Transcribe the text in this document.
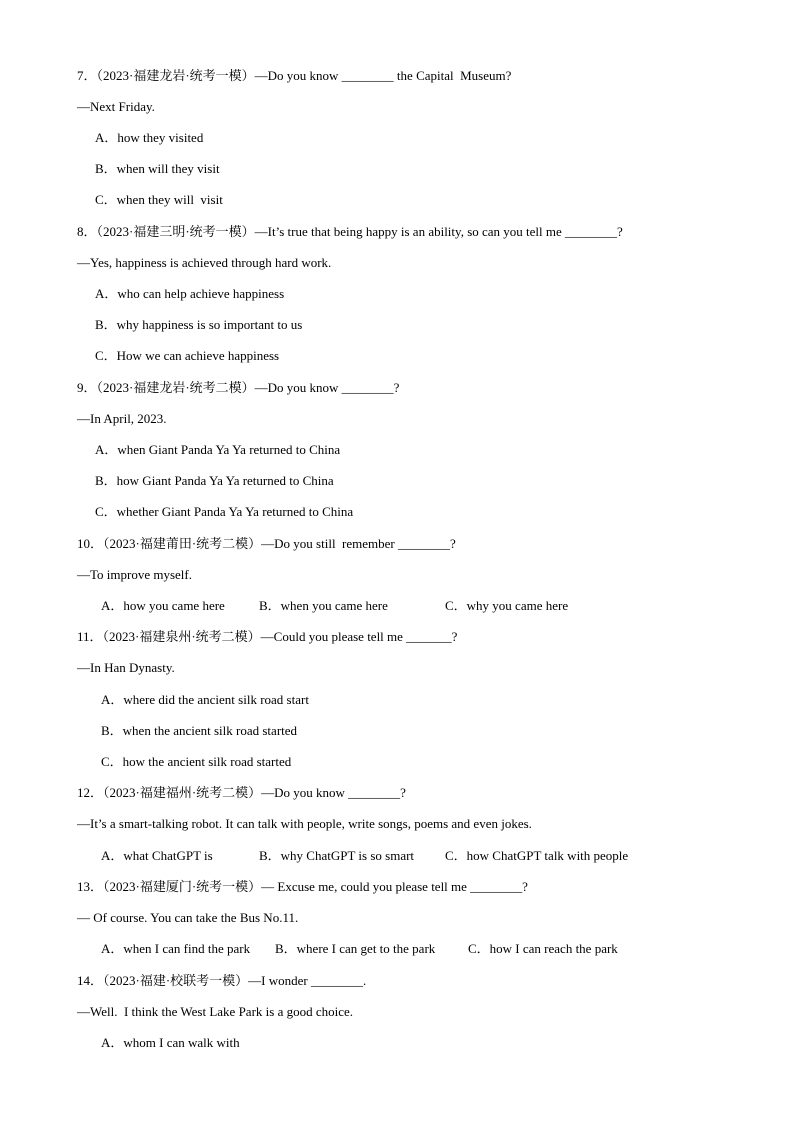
7．（2023·福建龙岩·统考一模）—Do you know ________ the Capital  Museum?
—Next Friday.
A．how they visited
B．when will they visit
C．when they will  visit
8．（2023·福建三明·统考一模）—It’s true that being happy is an ability, so can you tell me ________?
—Yes, happiness is achieved through hard work.
A．who can help achieve happiness
B．why happiness is so important to us
C．How we can achieve happiness
9．（2023·福建龙岩·统考二模）—Do you know ________?
—In April, 2023.
A．when Giant Panda Ya Ya returned to China
B．how Giant Panda Ya Ya returned to China
C．whether Giant Panda Ya Ya returned to China
10．（2023·福建莆田·统考二模）—Do you still  remember ________?
—To improve myself.
A．how you came here	B．when you came here	C．why you came here
11．（2023·福建泉州·统考二模）—Could you please tell me _______?
—In Han Dynasty.
A．where did the ancient silk road start
B．when the ancient silk road started
C．how the ancient silk road started
12．（2023·福建福州·统考二模）—Do you know ________?
—It’s a smart-talking robot. It can talk with people, write songs, poems and even jokes.
A．what ChatGPT is	B．why ChatGPT is so smart C．how ChatGPT talk with people
13．（2023·福建厦门·统考一模）— Excuse me, could you please tell me ________?
— Of course. You can take the Bus No.11.
A．when I can find the park B．where I can get to the park	C．how I can reach the park
14．（2023·福建·校联考一模）—I wonder ________.
—Well.  I think the West Lake Park is a good choice.
A．whom I can walk with
